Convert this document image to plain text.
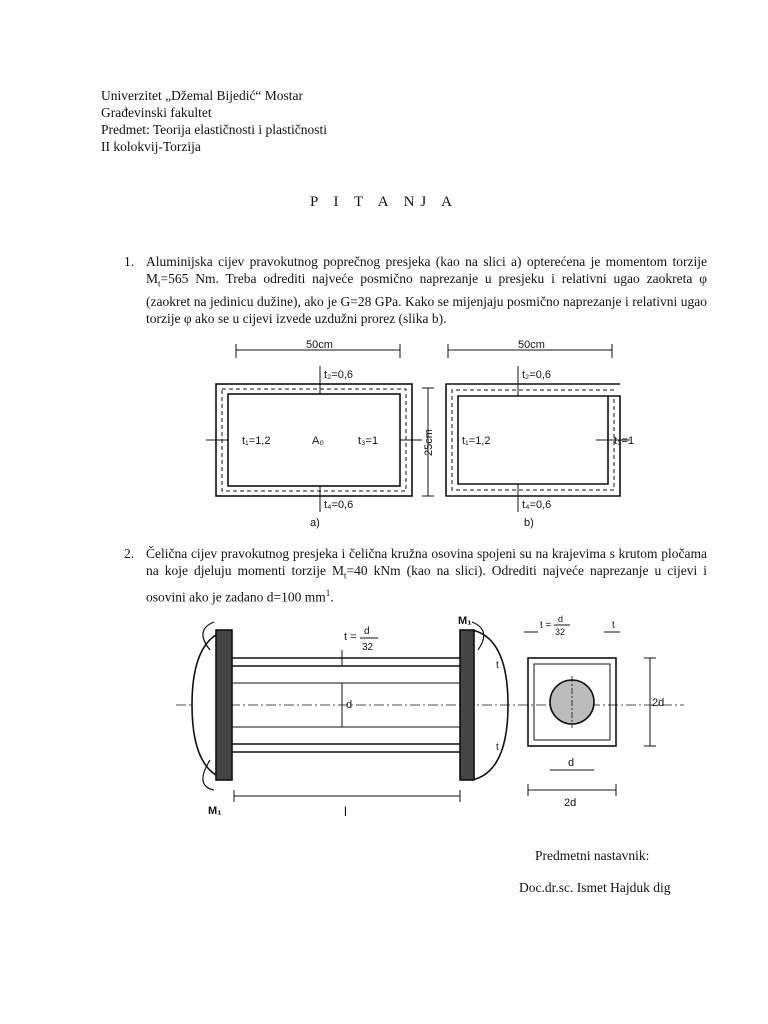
Univerzitet „Džemal Bijedić“ Mostar
Građevinski fakultet
Predmet: Teorija elastičnosti i plastičnosti
II kolokvij-Torzija
P I T A NJ A
1. Aluminijska cijev pravokutnog poprečnog presjeka (kao na slici a) opterećena je momentom torzije $M_t=565$ Nm. Treba odrediti najveće posmično naprezanje u presjeku i relativni ugao zaokreta φ (zaokret na jedinicu dužine), ako je G=28 GPa. Kako se mijenjaju posmično naprezanje i relativni ugao torzije φ ako se u cijevi izvede uzdužni prorez (slika b).
50cm
t₂=0,6
t₁=1,2	A₀	t₃=1
t₄=0,6
a)
50cm
25cm
t₂=0,6
t₁=1,2	t₃=1
t₄=0,6
b)
2. Čelična cijev pravokutnog presjeka i čelična kružna osovina spojeni su na krajevima s krutom pločama na koje djeluju momenti torzije $M_t=40$ kNm (kao na slici). Odrediti najveće naprezanje u cijevi i osovini ako je zadano d=100 $mm^1$.
M₁
M₁
t = d
32
d
l
t
t
t =
d
32
t
2d
d
2d
Predmetni nastavnik:
Doc.dr.sc. Ismet Hajduk dig
